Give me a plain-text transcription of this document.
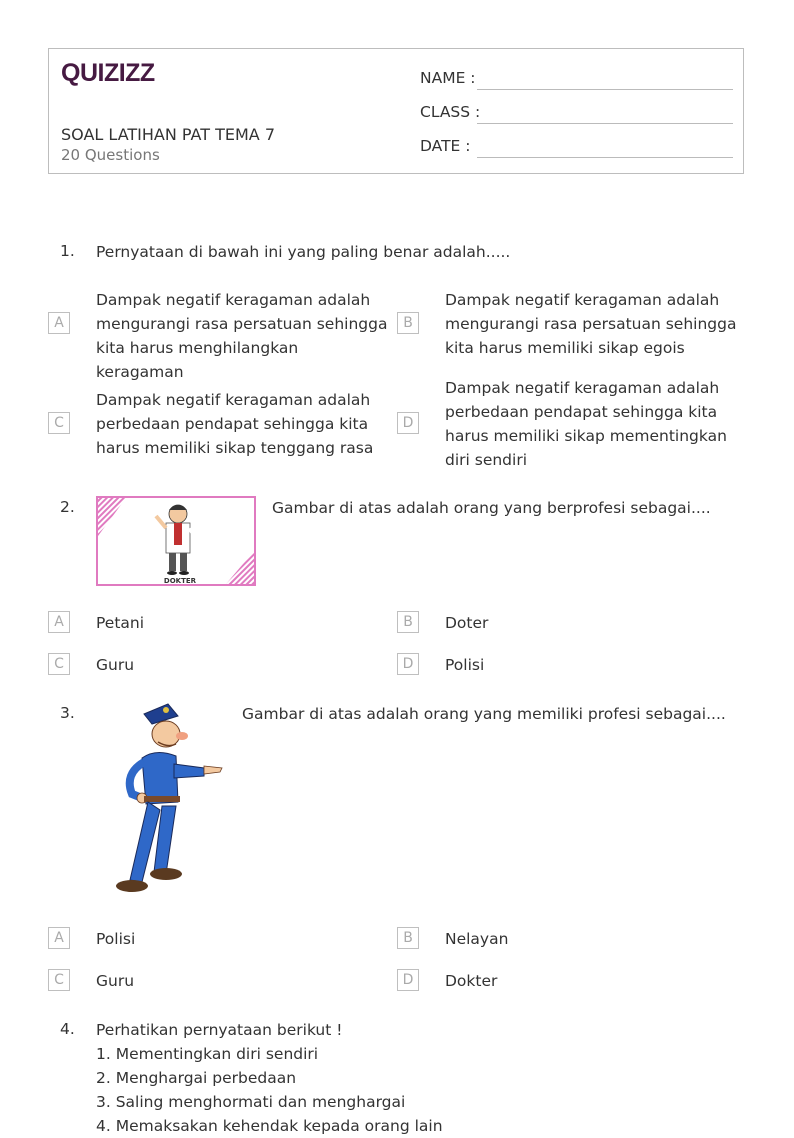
QUIZIZZ
SOAL LATIHAN PAT TEMA 7
20 Questions
NAME :
CLASS :
DATE :
1. Pernyataan di bawah ini yang paling benar adalah.....
A
Dampak negatif keragaman adalah mengurangi rasa persatuan sehingga kita harus menghilangkan keragaman
B
Dampak negatif keragaman adalah mengurangi rasa persatuan sehingga kita harus memiliki sikap egois
C
Dampak negatif keragaman adalah perbedaan pendapat sehingga kita harus memiliki sikap tenggang rasa
D
Dampak negatif keragaman adalah perbedaan pendapat sehingga kita harus memiliki sikap mementingkan diri sendiri
2.
DOKTER
Gambar di atas adalah orang yang berprofesi sebagai....
A	Petani	B	Doter
C	Guru	D	Polisi
3.	Gambar di atas adalah orang yang memiliki profesi sebagai....
A	Polisi	B	Nelayan
C	Guru	D	Dokter
4. Perhatikan pernyataan berikut !
1. Mementingkan diri sendiri
2. Menghargai perbedaan
3. Saling menghormati dan menghargai
4. Memaksakan kehendak kepada orang lain
